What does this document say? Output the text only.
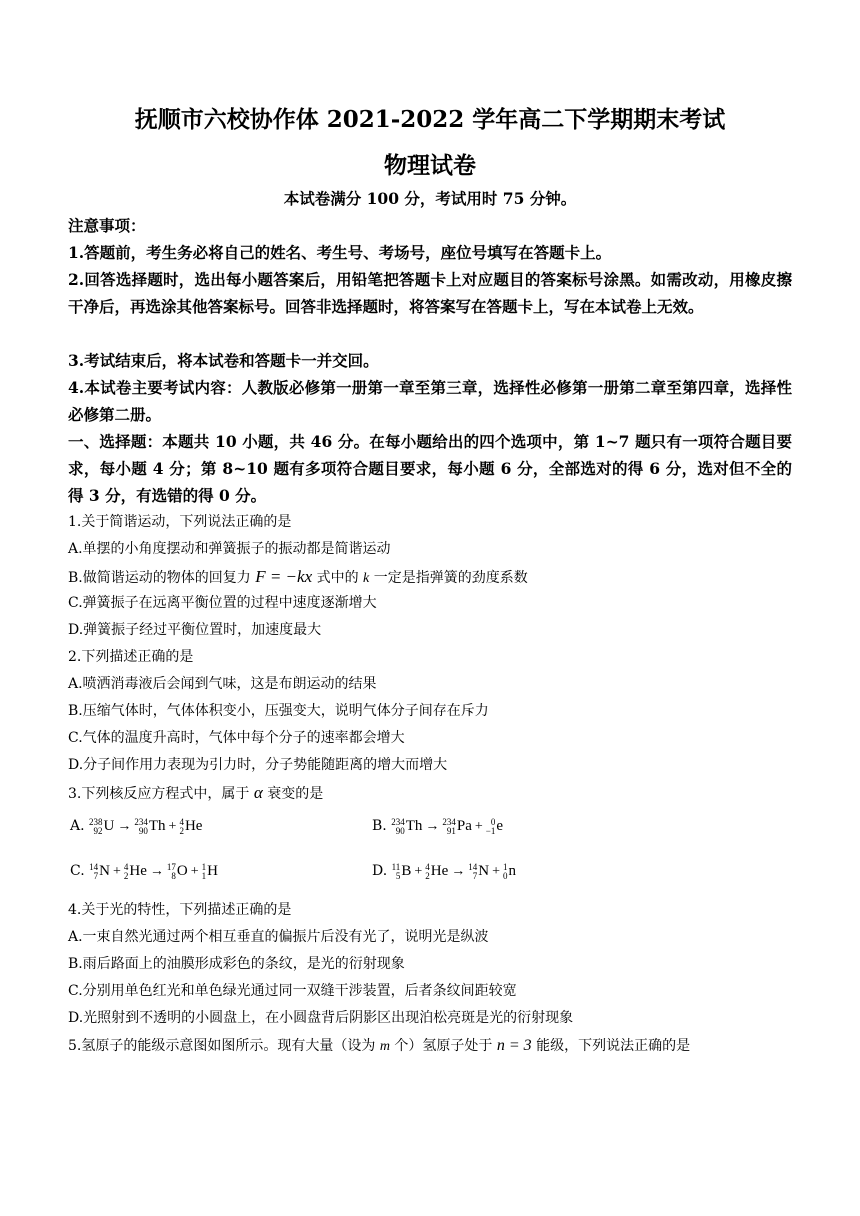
抚顺市六校协作体 2021-2022 学年高二下学期期末考试
物理试卷
本试卷满分 100 分，考试用时 75 分钟。
注意事项：
1.答题前，考生务必将自己的姓名、考生号、考场号，座位号填写在答题卡上。
2.回答选择题时，选出每小题答案后，用铅笔把答题卡上对应题目的答案标号涂黑。如需改动，用橡皮擦干净后，再选涂其他答案标号。回答非选择题时，将答案写在答题卡上，写在本试卷上无效。
3.考试结束后，将本试卷和答题卡一并交回。
4.本试卷主要考试内容：人教版必修第一册第一章至第三章，选择性必修第一册第二章至第四章，选择性必修第二册。
一、选择题：本题共 10 小题，共 46 分。在每小题给出的四个选项中，第 1~7 题只有一项符合题目要求，每小题 4 分；第 8~10 题有多项符合题目要求，每小题 6 分，全部选对的得 6 分，选对但不全的得 3 分，有选错的得 0 分。
1.关于简谐运动，下列说法正确的是
A.单摆的小角度摆动和弹簧振子的振动都是简谐运动
B.做简谐运动的物体的回复力 F = −kx 式中的 k 一定是指弹簧的劲度系数
C.弹簧振子在远离平衡位置的过程中速度逐渐增大
D.弹簧振子经过平衡位置时，加速度最大
2.下列描述正确的是
A.喷洒消毒液后会闻到气味，这是布朗运动的结果
B.压缩气体时，气体体积变小，压强变大，说明气体分子间存在斥力
C.气体的温度升高时，气体中每个分子的速率都会增大
D.分子间作用力表现为引力时，分子势能随距离的增大而增大
3.下列核反应方程式中，属于 α 衰变的是
A. 238
92 U → 234
90 Th + 4
2 He	B. 234
90 Th → 234
91 Pa + 0
−1 e
C. 14
7 N + 4
2 He → 17
8 O + 1
1 H	D. 11
5 B + 4
2 He → 14
7 N + 1
0 n
4.关于光的特性，下列描述正确的是
A.一束自然光通过两个相互垂直的偏振片后没有光了，说明光是纵波
B.雨后路面上的油膜形成彩色的条纹，是光的衍射现象
C.分别用单色红光和单色绿光通过同一双缝干涉装置，后者条纹间距较宽
D.光照射到不透明的小圆盘上，在小圆盘背后阴影区出现泊松亮斑是光的衍射现象
5.氢原子的能级示意图如图所示。现有大量（设为 m 个）氢原子处于 n = 3 能级，下列说法正确的是
